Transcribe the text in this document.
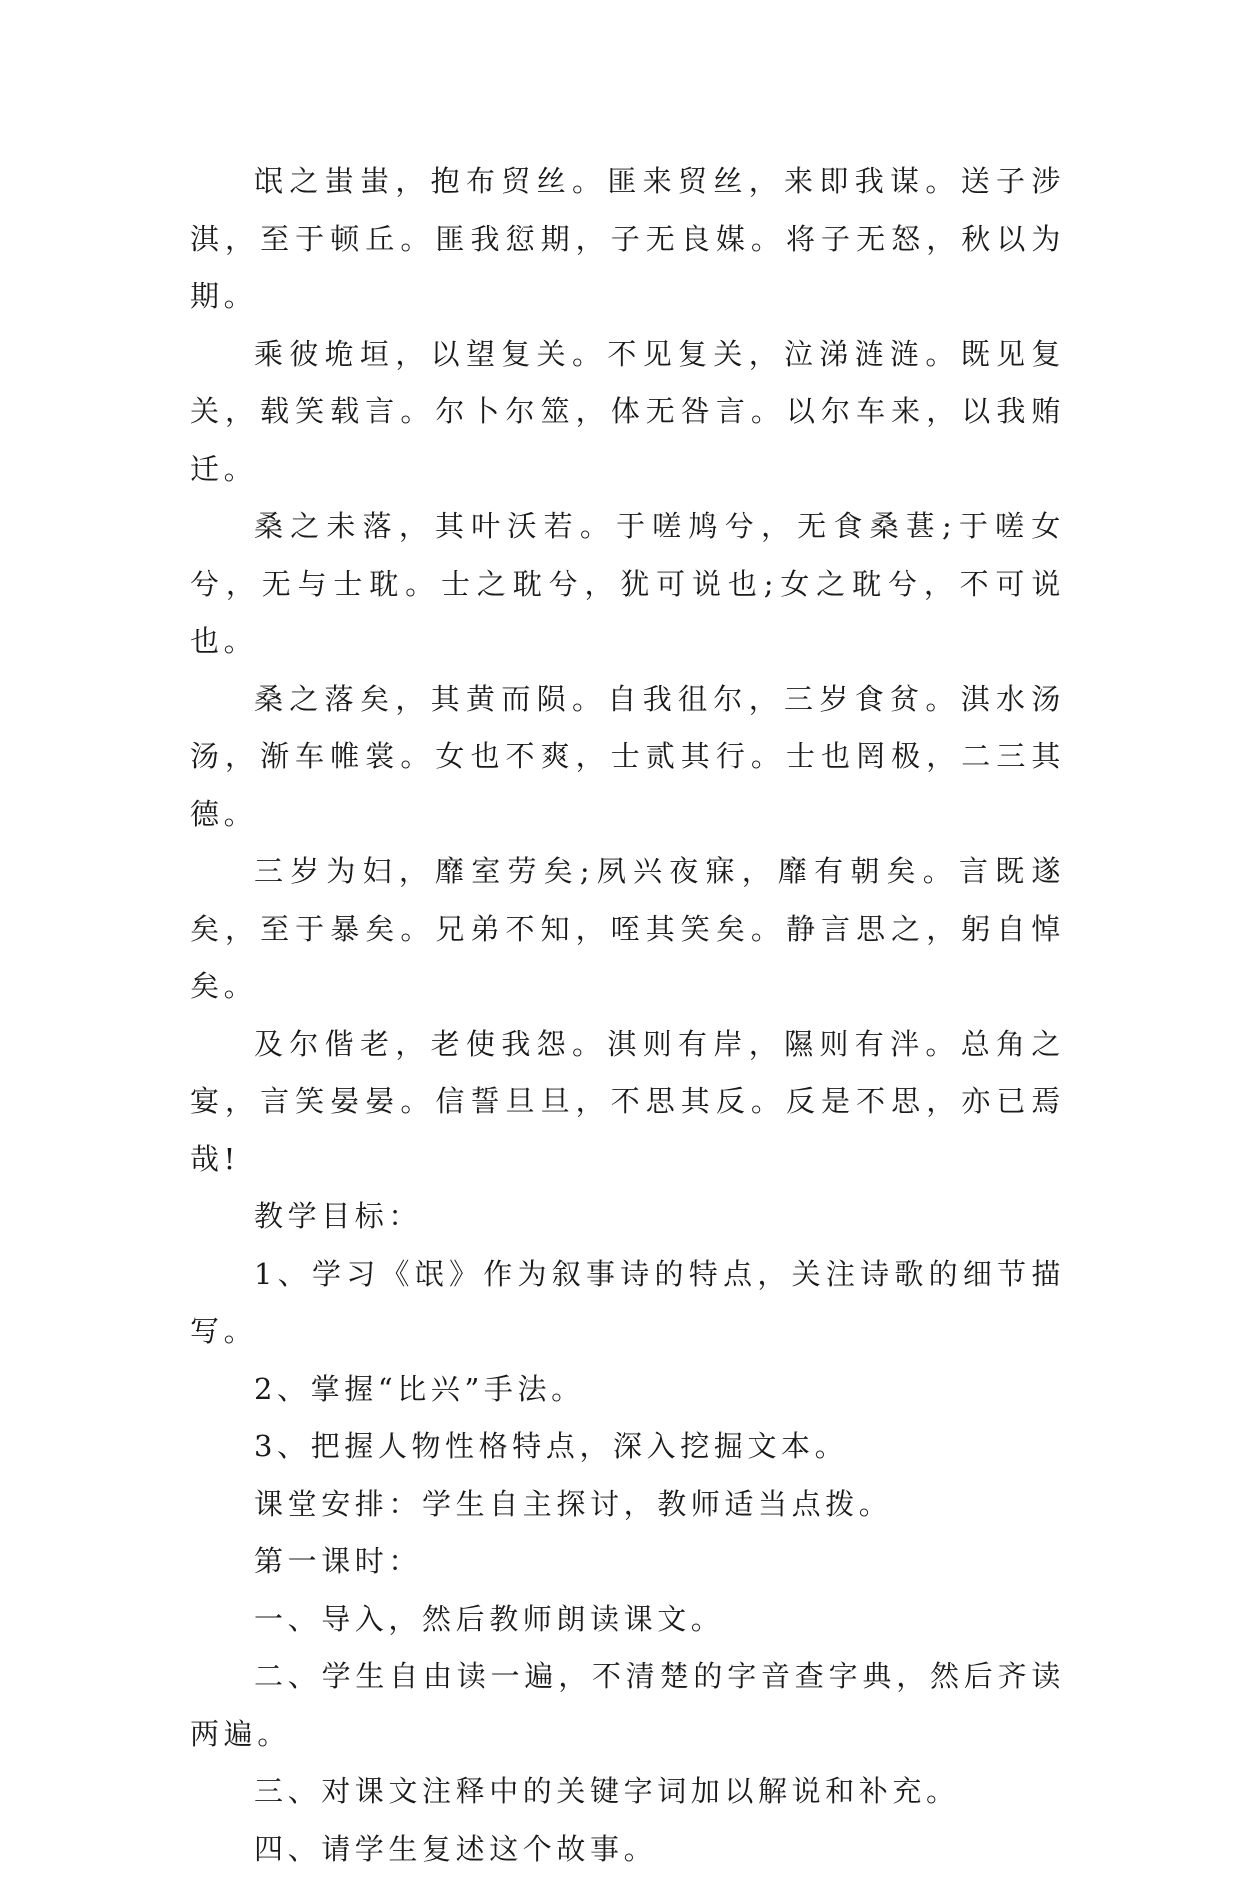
氓之蚩蚩，抱布贸丝。匪来贸丝，来即我谋。送子涉淇，至于顿丘。匪我愆期，子无良媒。将子无怒，秋以为期。

乘彼垝垣，以望复关。不见复关，泣涕涟涟。既见复关，载笑载言。尔卜尔筮，体无咎言。以尔车来，以我贿迁。

桑之未落，其叶沃若。于嗟鸠兮，无食桑葚;于嗟女兮，无与士耽。士之耽兮，犹可说也;女之耽兮，不可说也。

桑之落矣，其黄而陨。自我徂尔，三岁食贫。淇水汤汤，渐车帷裳。女也不爽，士贰其行。士也罔极，二三其德。

三岁为妇，靡室劳矣;夙兴夜寐，靡有朝矣。言既遂矣，至于暴矣。兄弟不知，咥其笑矣。静言思之，躬自悼矣。

及尔偕老，老使我怨。淇则有岸，隰则有泮。总角之宴，言笑晏晏。信誓旦旦，不思其反。反是不思，亦已焉哉!

教学目标：

1、学习《氓》作为叙事诗的特点，关注诗歌的细节描写。

2、掌握“比兴”手法。

3、把握人物性格特点，深入挖掘文本。

课堂安排：学生自主探讨，教师适当点拨。

第一课时：

一、导入，然后教师朗读课文。

二、学生自由读一遍，不清楚的字音查字典，然后齐读两遍。

三、对课文注释中的关键字词加以解说和补充。

四、请学生复述这个故事。
